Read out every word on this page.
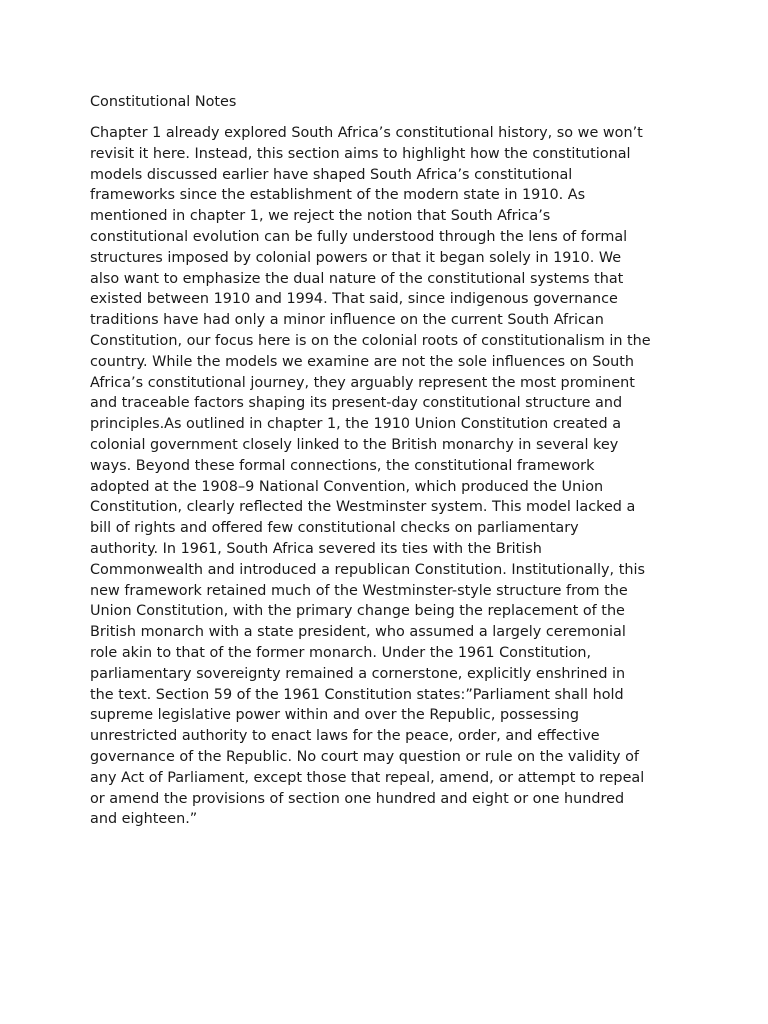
Constitutional Notes
Chapter 1 already explored South Africa’s constitutional history, so we won’t
revisit it here. Instead, this section aims to highlight how the constitutional
models discussed earlier have shaped South Africa’s constitutional
frameworks since the establishment of the modern state in 1910. As
mentioned in chapter 1, we reject the notion that South Africa’s
constitutional evolution can be fully understood through the lens of formal
structures imposed by colonial powers or that it began solely in 1910. We
also want to emphasize the dual nature of the constitutional systems that
existed between 1910 and 1994. That said, since indigenous governance
traditions have had only a minor influence on the current South African
Constitution, our focus here is on the colonial roots of constitutionalism in the
country. While the models we examine are not the sole influences on South
Africa’s constitutional journey, they arguably represent the most prominent
and traceable factors shaping its present-day constitutional structure and
principles.As outlined in chapter 1, the 1910 Union Constitution created a
colonial government closely linked to the British monarchy in several key
ways. Beyond these formal connections, the constitutional framework
adopted at the 1908–9 National Convention, which produced the Union
Constitution, clearly reflected the Westminster system. This model lacked a
bill of rights and offered few constitutional checks on parliamentary
authority. In 1961, South Africa severed its ties with the British
Commonwealth and introduced a republican Constitution. Institutionally, this
new framework retained much of the Westminster-style structure from the
Union Constitution, with the primary change being the replacement of the
British monarch with a state president, who assumed a largely ceremonial
role akin to that of the former monarch. Under the 1961 Constitution,
parliamentary sovereignty remained a cornerstone, explicitly enshrined in
the text. Section 59 of the 1961 Constitution states:”Parliament shall hold
supreme legislative power within and over the Republic, possessing
unrestricted authority to enact laws for the peace, order, and effective
governance of the Republic. No court may question or rule on the validity of
any Act of Parliament, except those that repeal, amend, or attempt to repeal
or amend the provisions of section one hundred and eight or one hundred
and eighteen.”
